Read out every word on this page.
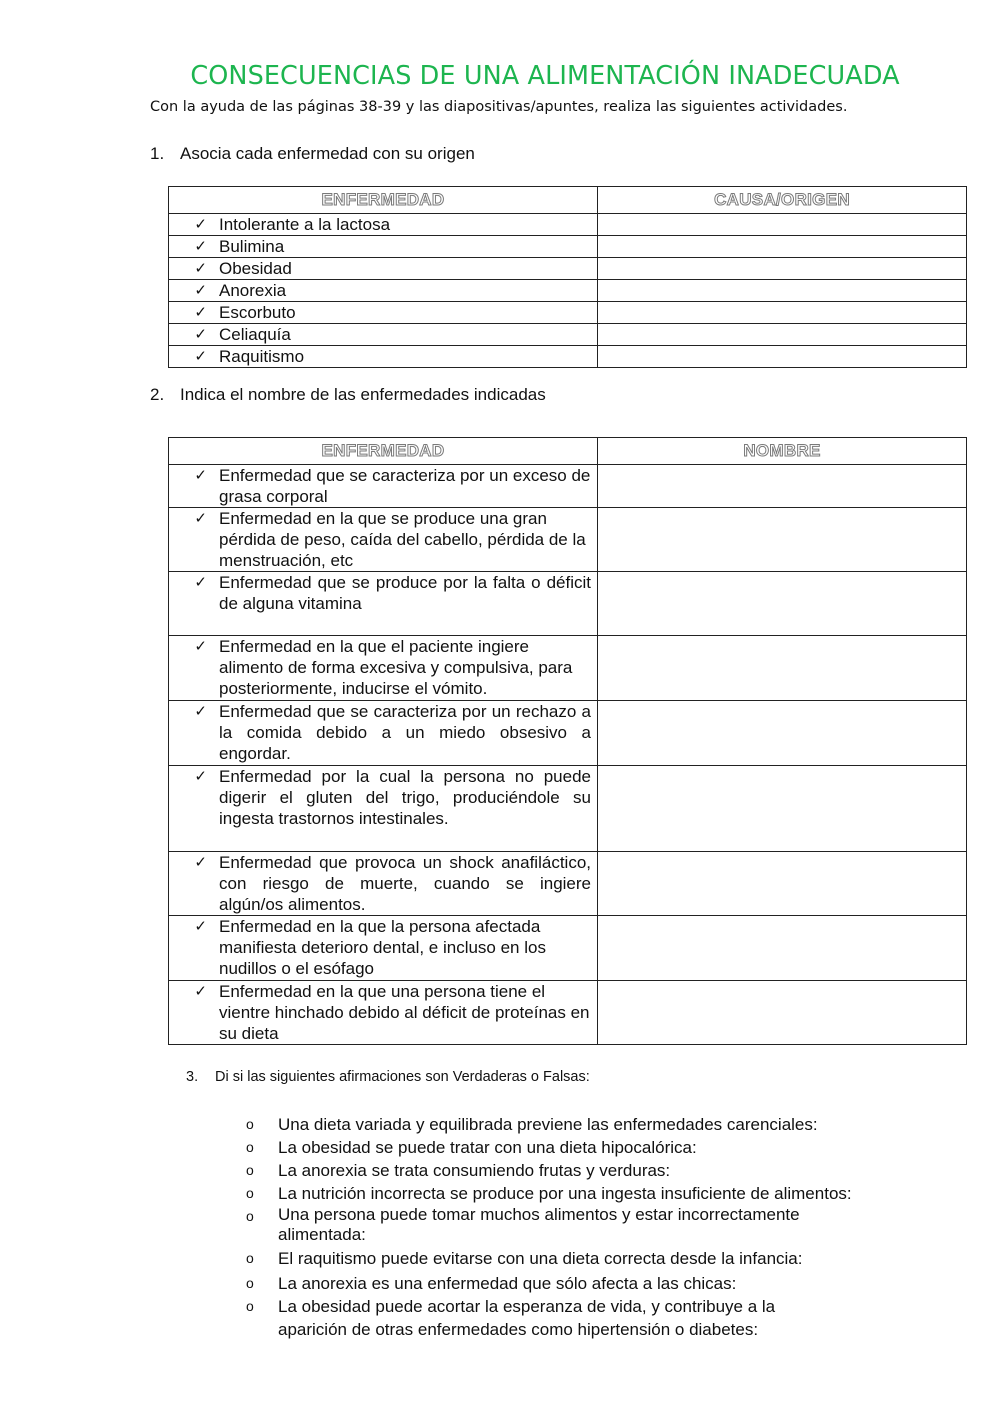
CONSECUENCIAS DE UNA ALIMENTACIÓN INADECUADA
Con la ayuda de las páginas 38-39 y las diapositivas/apuntes, realiza las siguientes actividades.
1. Asocia cada enfermedad con su origen
ENFERMEDAD	CAUSA/ORIGEN

✓ Intolerante a la lactosa	

✓ Bulimina	

✓ Obesidad	

✓ Anorexia	

✓ Escorbuto	

✓ Celiaquía	

✓ Raquitismo	

2. Indica el nombre de las enfermedades indicadas
ENFERMEDAD	NOMBRE

✓ Enfermedad que se caracteriza por un exceso de grasa corporal	

✓ Enfermedad en la que se produce una gran pérdida de peso, caída del cabello, pérdida de la menstruación, etc	

✓ Enfermedad que se produce por la falta o déficit de alguna vitamina	

✓ Enfermedad en la que el paciente ingiere alimento de forma excesiva y compulsiva, para posteriormente, inducirse el vómito.	

✓ Enfermedad que se caracteriza por un rechazo a la comida debido a un miedo obsesivo a engordar.	

✓ Enfermedad por la cual la persona no puede digerir el gluten del trigo, produciéndole su ingesta trastornos intestinales.	

✓ Enfermedad que provoca un shock anafiláctico, con riesgo de muerte, cuando se ingiere algún/os alimentos.	

✓ Enfermedad en la que la persona afectada manifiesta deterioro dental, e incluso en los nudillos o el esófago	

✓ Enfermedad en la que una persona tiene el vientre hinchado debido al déficit de proteínas en su dieta	

3. Di si las siguientes afirmaciones son Verdaderas o Falsas:
o	Una dieta variada y equilibrada previene las enfermedades carenciales:
o	La obesidad se puede tratar con una dieta hipocalórica:
o	La anorexia se trata consumiendo frutas y verduras:
o	La nutrición incorrecta se produce por una ingesta insuficiente de alimentos:
o	Una persona puede tomar muchos alimentos y estar incorrectamente alimentada:
o	El raquitismo puede evitarse con una dieta correcta desde la infancia:
o	La anorexia es una enfermedad que sólo afecta a las chicas:
o	La obesidad puede acortar la esperanza de vida, y contribuye a la aparición de otras enfermedades como hipertensión o diabetes:
